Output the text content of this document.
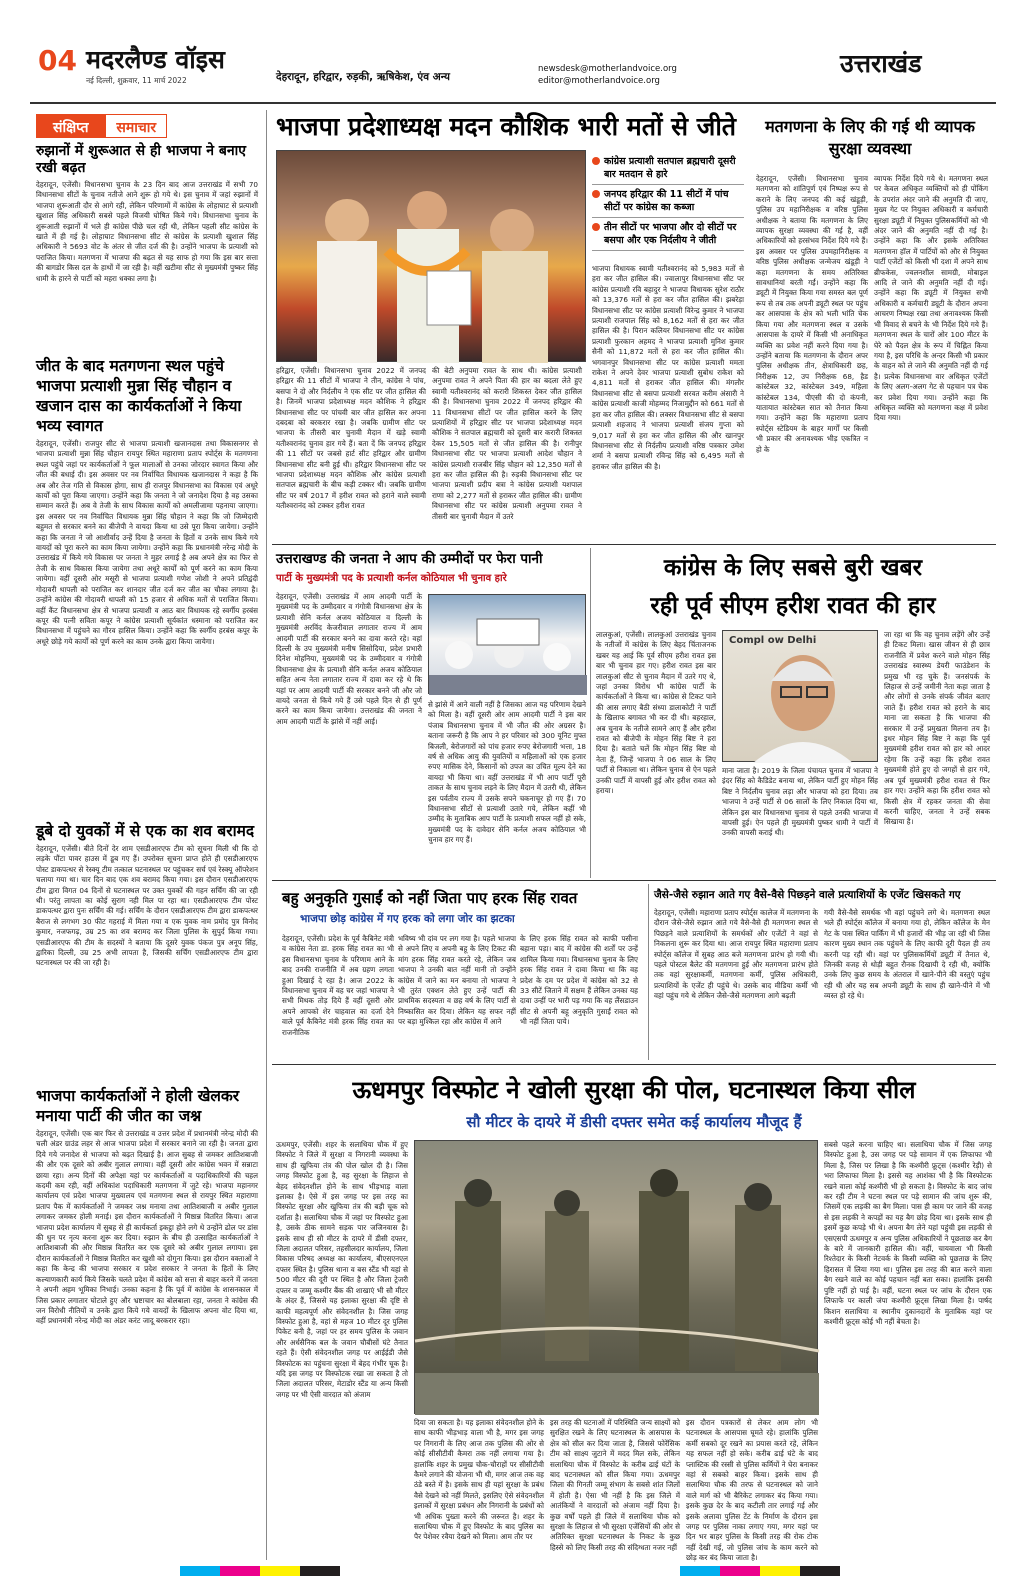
04 मदरलैण्ड वॉइस
नई दिल्ली, शुक्रवार, 11 मार्च 2022	देहरादून, हरिद्वार, रुड़की, ऋषिकेश, एंव अन्य
newsdesk@motherlandvoice.org
editor@motherlandvoice.org
उत्तराखंड
संक्षिप्त	समाचार
रुझानों में शुरूआत से ही भाजपा ने बनाए रखी बढ़त
देहरादून, एजेंसी। विधानसभा चुनाव के 23 दिन बाद आज उत्तराखंड में सभी 70 विधानसभा सीटों के चुनाव नतीजे आने शुरू हो गये थे। इस चुनाव में जहां रुझानों में भाजपा शुरूआती दौर से आगे रही, लेकिन परिणामों में कांग्रेस के लोहाघाट से प्रत्याशी खुशाल सिंह अधिकारी सबसे पहले विजयी घोषित किये गये। विधानसभा चुनाव के शुरूआती रुझानों में भले ही कांग्रेस पीछे चल रही थी, लेकिन पहली सीट कांग्रेस के खाते में ही गई है। लोहाघाट विधानसभा सीट से कांग्रेस के प्रत्याशी खुशाल सिंह अधिकारी ने 5693 वोट के अंतर से जीत दर्ज की है। उन्होंने भाजपा के प्रत्याशी को पराजित किया। मतगणना में भाजपा की बढ़त से यह साफ हो गया कि इस बार सत्ता की बागडोर किस दल के हाथों में जा रही है। वहीं खटीमा सीट से मुख्यमंत्री पुष्कर सिंह धामी के हारने से पार्टी को महरा धक्का लगा है।
जीत के बाद मतगणना स्थल पहुंचे भाजपा प्रत्याशी मुन्ना सिंह चौहान व खजान दास का कार्यकर्ताओं ने किया भव्य स्वागत
देहरादून, एजेंसी। राजपुर सीट से भाजपा प्रत्याशी खजानदास तथा विकासनगर से भाजपा प्रत्याशी मुन्ना सिंह चौहान रायपुर स्थित महाराणा प्रताप स्पोर्ट्स के मतगणना स्थल पहुंचे जहां पर कार्यकर्ताओं ने फूल मालाओं से उनका जोरदार स्वागत किया और जीत की बधाई दी। इस अवसर पर नव निर्वाचित विधायक खजानदास ने कहा है कि अब और तेज गति से विकास होगा, साथ ही राजपुर विधानसभा का विकास एवं अधूरे कार्यों को पूरा किया जाएगा। उन्होंने कहा कि जनता ने जो जनादेश दिया है वह उसका सम्मान करते हैं। अब वे तेजी के साथ विकास कार्यों को अमलीजामा पहनाया जाएगा। इस अवसर पर नव निर्वाचित विधायक मुन्ना सिंह चौहान ने कहा कि जो जिम्मेदारी बहुमत से सरकार बनने का बीजेपी ने वायदा किया था उसे पूरा किया जायेगा। उन्होंने कहा कि जनता ने जो आशीर्वाद उन्हें दिया है जनता के हितों व उनके साथ किये गये वायदों को पूरा करने का काम किया जायेगा। उन्होंने कहा कि प्रधानमंत्री नरेन्द्र मोदी के उत्तराखंड में किये गये विकास पर जनता ने मुहर लगाई है अब अपने क्षेत्र का फिर से तेजी के साथ विकास किया जायेगा तथा अधूरे कार्यों को पूर्ण करने का काम किया जायेगा। वहीं दूसरी ओर मसूरी से भाजपा प्रत्याशी गणेश जोशी ने अपने प्रतिद्वंदी गोदावरी थापली को पराजित कर शानदार जीत दर्ज कर जीत का चौका लगाया है। उन्होंने कांग्रेस की गोदावरी थापली को 15 हजार से अधिक मतों से पराजित किया। वहीं कैंट विधानसभा क्षेत्र से भाजपा प्रत्याशी व आठ बार विधायक रहे स्वर्गीय हरबंस कपूर की पत्नी सविता कपूर ने कांग्रेस प्रत्याशी सूर्यकांत धस्माना को पराजित कर विधानसभा में पहुंचने का गौरव हासिल किया। उन्होंने कहा कि स्वर्गीय हरबंस कपूर के अधूरे छोड़े गये कार्यों को पूर्ण करने का काम उनके द्वारा किया जायेगा।
डूबे दो युवकों में से एक का शव बरामद
देहरादून, एजेंसी। बीते दिनों देर शाम एसडीआरएफ टीम को सूचना मिली थी कि दो लड़के पौंटा पावर हाउस में डूब गए हैं। उपरोक्त सूचना प्राप्त होते ही एसडीआरएफ पोस्ट डाकपत्थर से रेस्क्यू टीम तत्काल घटनास्थल पर पहुंचकर सर्च एवं रेस्क्यू ऑपरेशन चलाया गया था। चार दिन बाद एक शव बरामद किया गया। इस दौरान एसडीआरएफ टीम द्वारा विगत 04 दिनों से घटनास्थल पर उक्त युवकों की गहन सर्चिंग की जा रही थी। परंतु लापता का कोई सुराग नही मिल पा रहा था। एसडीआरएफ टीम पोस्ट डाकपत्थर द्वारा पुनः सर्चिंग की गई। सर्चिंग के दौरान एसडीआरएफ टीम द्वारा डाकपत्थर बैराज से लगभग 30 फीट गहराई में मिला गया व एक युवक नाम प्रमोद पुत्र विनोद कुमार, नजफगढ़, उम्र 25 का शव बरामद कर जिला पुलिस के सुपुर्द किया गया। एसडीआरएफ की टीम के सदस्यों ने बताया कि दूसरे युवक पंकज पुत्र अनूप सिंह, द्वारिका दिल्ली, उम्र 25 अभी लापता है, जिसकी सर्चिंग एसडीआरएफ टीम द्वारा घटनास्थल पर की जा रही है।
भाजपा कार्यकर्ताओं ने होली खेलकर मनाया पार्टी की जीत का जश्न
देहरादून, एजेंसी। एक बार फिर से उत्तराखंड व उत्तर प्रदेश में प्रधानमंत्री नरेन्द्र मोदी की चली अंडर ग्राउंड लहर से आज भाजपा प्रदेश में सरकार बनाने जा रही है। जनता द्वारा दिये गये जनादेश से भाजपा को बढ़त दिखाई है। आज सुबह से जमकर आतिशबाजी की और एक दूसरे को अबीर गुलाल लगाया। वहीं दूसरी ओर कांग्रेस भवन में सन्नाटा छाया रहा। अन्य दिनों की अपेक्षा यहां पर कार्यकर्ताओं व पदाधिकारियों की चहल कदमी कम रही, वहीं अधिकांश पदाधिकारी मतगणना में जुटे रहे। भाजपा महानगर कार्यालय एवं प्रदेश भाजपा मुख्यालय एवं मतगणना स्थल से रायपुर स्थित महाराणा प्रताप पैक में कार्यकर्ताओं ने जमकर जश्न मनाया तथा आतिशबाजी व अबीर गुलाल लगाकर जमकर होली मनाई। इस दौरान कार्यकर्ताओं ने मिष्ठान्न वितरित किया। आज भाजपा प्रदेश कार्यालय में सुबह से ही कार्यकर्ता इकट्ठा होने लगे थे उन्होंने ढोल पर डांस की धुन पर नृत्य करना शुरू कर दिया। रुझान के बीच ही उत्साहित कार्यकर्ताओं ने आतिशबाजी की और मिष्ठान्न वितरित कर एक दूसरे को अबीर गुलाल लगाया। इस दौरान कार्यकर्ताओं ने मिष्ठान्न वितरित कर खुशी को दोगुना किया। इस दौरान वक्ताओं ने कहा कि केन्द्र की भाजपा सरकार व प्रदेश सरकार ने जनता के हितों के लिए कल्याणकारी कार्य किये जिसके चलते प्रदेश में कांग्रेस को सत्ता से बाहर करने में जनता ने अपनी अहम भूमिका निभाई। उनका कहना है कि पूर्व में कांग्रेस के शासनकाल में जिस प्रकार लगातार घोटाले हुए और भ्रष्टाचार का बोलबाला रहा, जनता ने कांग्रेस की जन विरोधी नीतियों व उनके द्वारा किये गये वायदों के खिलाफ अपना वोट दिया था, वहीं प्रधानमंत्री नरेन्द्र मोदी का अंडर करंट जादू बरकरार रहा।
भाजपा प्रदेशाध्यक्ष मदन कौशिक भारी मतों से जीते
कांग्रेस प्रत्याशी सतपाल ब्रह्मचारी दूसरी बार मतदान से हारे
जनपद हरिद्वार की 11 सीटों में पांच सीटों पर कांग्रेस का कब्जा
तीन सीटों पर भाजपा और दो सीटों पर बसपा और एक निर्दलीय ने जीती
हरिद्वार, एजेंसी। विधानसभा चुनाव 2022 में जनपद हरिद्वार की 11 सीटों में भाजपा ने तीन, कांग्रेस ने पांच, बसपा ने दो और निर्दलीय ने एक सीट पर जीत हासिल की है। जिनमें भाजपा प्रदेशाध्यक्ष मदन कौशिक ने हरिद्वार विधानसभा सीट पर पांचवी बार जीत हासिल कर अपना दबदबा को बरकरार रखा है। जबकि ग्रामीण सीट पर भाजपा के तीसरी बार चुनावी मैदान में खड़े स्वामी यतीश्वरानंद चुनाव हार गये हैं। बता दें कि जनपद हरिद्वार की 11 सीटों पर जबसे हार्ट सीट हरिद्वार और ग्रामीण विधानसभा सीट बनी हुई थी। हरिद्वार विधानसभा सीट पर भाजपा प्रदेशाध्यक्ष मदन कौशिक और कांग्रेस प्रत्याशी सतपाल ब्रह्मचारी के बीच कड़ी टक्कर थी। जबकि ग्रामीण सीट पर वर्ष 2017 में हरीश रावत को हराने वाले स्वामी यतीश्वरानंद को टक्कर हरीश रावत
की बेटी अनुपमा रावत के साथ थी। कांग्रेस प्रत्याशी अनुपमा रावत ने अपने पिता की हार का बदला लेते हुए स्वामी यतीश्वरानंद को करारी शिकस्त देकर जीत हासिल की है। विधानसभा चुनाव 2022 में जनपद हरिद्वार की 11 विधानसभा सीटों पर जीत हासिल करने के लिए प्रत्याशियों में हरिद्वार सीट पर भाजपा प्रदेशाध्यक्ष मदन कौशिक ने सतपाल ब्रह्मचारी को दूसरी बार करारी शिकस्त देकर 15,505 मतों से जीत हासिल की है। रानीपुर विधानसभा सीट पर भाजपा प्रत्याशी आदेश चौहान ने कांग्रेस प्रत्याशी राजबीर सिंह चौहान को 12,350 मतों से हरा कर जीत हासिल की है। रुड़की विधानसभा सीट पर भाजपा प्रत्याशी प्रदीप बत्रा ने कांग्रेस प्रत्याशी यशपाल राणा को 2,277 मतों से हराकर जीत हासिल की। ग्रामीण विधानसभा सीट पर कांग्रेस प्रत्याशी अनुपमा रावत ने तीसरी बार चुनावी मैदान में उतरे
भाजपा विधायक स्वामी यतीश्वरानंद को 5,983 मतों से हरा कर जीत हासिल की। ज्वालापुर विधानसभा सीट पर कांग्रेस प्रत्याशी रवि बहादुर ने भाजपा विधायक सुरेश राठौर को 13,376 मतों से हरा कर जीत हासिल की। झबरेड़ा विधानसभा सीट पर कांग्रेस प्रत्याशी विरेन्द्र कुमार ने भाजपा प्रत्याशी राजपाल सिंह को 8,162 मतों से हरा कर जीत हासिल की है। पिरान कलियर विधानसभा सीट पर कांग्रेस प्रत्याशी फुरकान अहमद ने भाजपा प्रत्याशी मुनिश कुमार सैनी को 11,872 मतों से हरा कर जीत हासिल की। भगवानपुर विधानसभा सीट पर कांग्रेस प्रत्याशी ममता राकेश ने अपने देवर भाजपा प्रत्याशी सुबोध राकेश को 4,811 मतों से हराकर जीत हासिल की। मंगलौर विधानसभा सीट से बसपा प्रत्याशी सरवत करीम अंसारी ने कांग्रेस प्रत्याशी काजी मोहम्मद निजामुद्दीन को 661 मतों से हरा कर जीत हासिल की। लक्सर विधानसभा सीट से बसपा प्रत्याशी शहजाद ने भाजपा प्रत्याशी संजय गुप्ता को 9,017 मतों से हरा कर जीत हासिल की और खानपुर विधानसभा सीट से निर्दलीय प्रत्याशी वरिष्ठ पत्रकार उमेश शर्मा ने बसपा प्रत्याशी रविन्द्र सिंह को 6,495 मतों से हराकर जीत हासिल की है।
मतगणना के लिए की गई थी व्यापक सुरक्षा व्यवस्था
देहरादून, एजेंसी। विधानसभा चुनाव मतगणना को शांतिपूर्ण एवं निष्पक्ष रूप से कराने के लिए जनपद की कई खंडूड़ी, पुलिस उप महानिरीक्षक व वरिष्ठ पुलिस अधीक्षक ने बताया कि मतगणना के लिए व्यापक सुरक्षा व्यवस्था की गई है, वहीं अधिकारियों को हरसंभव निर्देश दिये गये हैं। इस अवसर पर पुलिस उपमहानिरीक्षक व वरिष्ठ पुलिस अधीक्षक जन्मेजय खंडूड़ी ने कहा मतगणना के समय अतिरिक्त सावधानियां बरती गईं। उन्होंने कहा कि ड्यूटी में नियुक्त किया गया समस्त बल पूर्ण रूप से तब तक अपनी ड्यूटी स्थल पर पहुंच कर आसपास के क्षेत्र को भली भांति चेक किया गया और मतगणना स्थल व उसके आसपास के दायरे में किसी भी अनाधिकृत व्यक्ति का प्रवेश नहीं करने दिया गया है। उन्होंने बताया कि मतगणना के दौरान अपर पुलिस अधीक्षक तीन, क्षेत्राधिकारी छह, निरीक्षक 12, उप निरीक्षक 68, हैड कांस्टेबल 32, कांस्टेबल 349, महिला कांस्टेबल 134, पीएसी की दो कंपनी, यातायात कांस्टेबल सात को तैनात किया गया। उन्होंने कहा कि महाराणा प्रताप स्पोर्ट्स स्टेडियम के बाहर मार्गों पर किसी भी प्रकार की अनावश्यक भीड़ एकत्रित न हो के
व्यापक निर्देश दिये गये थे। मतगणना स्थल पर केवल अधिकृत व्यक्तियों को ही पोंकिंग के उपरांत अंदर जाने की अनुमति दी जाए, मुख्य गेट पर नियुक्त अधिकारी व कर्मचारी सुरक्षा ड्यूटी में नियुक्त पुलिसकर्मियों को भी अंदर जाने की अनुमति नहीं दी गई है। उन्होंने कहा कि और इसके अतिरिक्त मतगणना हॉल में पार्टियों को और से नियुक्त पार्टी एजेंटों को किसी भी दशा में अपने साथ ब्रीफकेस, ज्वलनशील सामग्री, मोबाइल आदि ले जाने की अनुमति नहीं दी गई। उन्होंने कहा कि ड्यूटी में नियुक्त सभी अधिकारी व कर्मचारी ड्यूटी के दौरान अपना आचरण निष्पक्ष रखा तथा अनावश्यक किसी भी विवाद से बचने के भी निर्देश दिये गये हैं। मतगणना स्थल के चारों ओर 100 मीटर के घेरे को पैदल क्षेत्र के रूप में चिह्नित किया गया है, इस परिधि के अन्दर किसी भी प्रकार के वाहन को ले जाने की अनुमति नहीं दी गई है। प्रत्येक विधानसभा वार अधिकृत एजेंटों के लिए अलग-अलग गेट से पहचान पत्र चेक कर प्रवेश दिया गया। उन्होंने कहा कि अधिकृत व्यक्ति को मतगणना कक्ष में प्रवेश दिया गया।
उत्तराखण्ड की जनता ने आप की उम्मीदों पर फेरा पानी
पार्टी के मुख्यमंत्री पद के प्रत्याशी कर्नल कोठियाल भी चुनाव हारे
देहरादून, एजेंसी। उत्तराखंड में आम आदमी पार्टी के मुख्यमंत्री पद के उम्मीदवार व गंगोत्री विधानसभा क्षेत्र के प्रत्याशी सेनि कर्नल अजय कोठियाल व दिल्ली के मुख्यमंत्री अरविंद केजरीवाल लगातार राज्य में आम आदमी पार्टी की सरकार बनने का दावा करते रहे। वहां दिल्ली के उप मुख्यमंत्री मनीष सिसोदिया, प्रदेश प्रभारी दिनेश मोहनिया, मुख्यमंत्री पद के उम्मीदवार व गंगोत्री विधानसभा क्षेत्र के प्रत्याशी सेनि कर्नल अजय कोठियाल सहित अन्य नेता लगातार राज्य में दावा कर रहे थे कि यहां पर आम आदमी पार्टी की सरकार बनने जी और जो वायदे जनता से किये गये हैं उसे पहले दिन से ही पूर्ण करने का काम किया जायेगा। उत्तराखंड की जनता ने आम आदमी पार्टी के झांसे में नहीं आई।
से झांसे में आने वाली नहीं है जिसका आज यह परिणाम देखने को मिला है। वहीं दूसरी ओर आम आदमी पार्टी ने इस बार पंजाब विधानसभा चुनाव में भी जीत की ओर अग्रसर है। बताना जरूरी है कि आप ने हर परिवार को 300 यूनिट मुफ्त बिजली, बेरोजगारों को पांच हजार रुपए बेरोजगारी भत्ता, 18 वर्ष से अधिक आयु की युवतियों व महिलाओं को एक हजार रुपए मासिक देने, किसानों को उपज का उचित मूल्य देने का वायदा भी किया था। वहीं उत्तराखंड में भी आप पार्टी पूरी ताकत के साथ चुनाव लड़ने के लिए मैदान में उतरी थी, लेकिन इस पर्वतीय राज्य में उसके सपने चकनाचूर हो गए हैं। 70 विधानसभा सीटों से प्रत्याशी उतारे गये, लेकिन कहीं भी उम्मीद के मुताबिक आप पार्टी के प्रत्याशी सफल नहीं हो सके, मुख्यमंत्री पद के दावेदार सेनि कर्नल अजय कोठियाल भी चुनाव हार गए हैं।
कांग्रेस के लिए सबसे बुरी खबर
रही पूर्व सीएम हरीश रावत की हार
लालकुआं, एजेंसी। लालकुआं उत्तराखंड चुनाव के नतीजों में कांग्रेस के लिए बेहद चिंताजनक खबर यह आई कि पूर्व सीएम हरीश रावत इस बार भी चुनाव हार गए। हरीश रावत इस बार लालकुआं सीट से चुनाव मैदान में उतरे गए थे, जहां उनका विरोध भी कांग्रेस पार्टी के कार्यकर्ताओं ने किया था। कांग्रेस से टिकट पाने की आस लगाए बैठी संध्या डालाकोटी ने पार्टी के खिलाफ बगावत भी कर दी थी। बहरहाल, अब चुनाव के नतीजे सामने आए हैं और हरीश रावत को बीजेपी के मोहन सिंह बिष्ट ने हरा दिया है। बताते चलें कि मोहन सिंह बिष्ट वो नेता हैं, जिन्हें भाजपा ने 06 साल के लिए पार्टी से निकाला था। लेकिन चुनाव से ऐन पहले उनकी पार्टी में वापसी हुई और हरीश रावत को हराया।
Compl ow Delhi
माना जाता है। 2019 के जिला पंचायत चुनाव में भाजपा ने इंदर सिंह को कैडिडेट बनाया था, लेकिन पार्टी हुए मोहन सिंह बिष्ट ने निर्दलीय चुनाव लड़ा और भाजपा को हरा दिया। तब भाजपा ने उन्हें पार्टी से 06 सालों के लिए निकाल दिया था, लेकिन इस बार विधानसभा चुनाव से पहले उनकी भाजपा में वापसी हुई। ऐन पहले ही मुख्यमंत्री पुष्कर धामी ने पार्टी में उनकी वापसी कराई थी।
जा रहा था कि वह चुनाव लड़ेंगे और उन्हें ही टिकट मिला। खास जीवन से ही छात्र राजनीति में प्रवेश करने वाले मोहन सिंह उत्तराखंड स्वास्थ्य डेयरी फाउंडेशन के प्रमुख भी रह चुके हैं। जनसंपर्क के लिहाज से उन्हें जमीनी नेता कहा जाता है और लोगों से उनके संपर्क जीवंत बताए जाते हैं। हरीश रावत को हराने के बाद माना जा सकता है कि भाजपा की सरकार में उन्हें प्रमुखता मिलना तय है। इधर मोहन सिंह बिष्ट ने कहा कि पूर्व मुख्यमंत्री हरीश रावत को हार को आदर रहेगा कि उन्हें कहा कि हरीश रावत मुख्यमंत्री होते हुए दो जगहों से हार गये, अब पूर्व मुख्यमंत्री हरीश रावत से फिर हार गए। उन्होंने कहा कि हरीश रावत को किसी क्षेत्र में रहकर जनता की सेवा करनी चाहिए, जनता ने उन्हें सबक सिखाया है।
बहु अनुकृति गुसाईं को नहीं जिता पाए हरक सिंह रावत
भाजपा छोड़ कांग्रेस में गए हरक को लगा जोर का झटका
देहरादून, एजेंसी। प्रदेश के पूर्व कैबिनेट मंत्री व कांग्रेस नेता डा. हरक सिंह रावत का भी इस विधानसभा चुनाव के परिणाम आने के बाद उनकी राजनीति में अब ग्रहण लगता हुआ दिखाई दे रहा है। आज 2022 के विधानसभा चुनाव में वह चर जहां भाजपा ने सभी मिथक तोड़ दिये हैं वहीं दूसरी ओर अपने आपको शेर चाहवाल का दर्जा देने वाले पूर्व कैबिनेट मंत्री हरक सिंह रावत का राजनीतिक
भविष्य भी दांव पर लग गया है। पहले भाजपा से अपने लिए व अपनी बहू के लिए टिकट की मांग हरक सिंह रावत करते रहे, लेकिन जब भाजपा ने उनकी बात नहीं मानी तो उन्होंने कांग्रेस में जाने का मन बनाया तो भाजपा ने भी तुरंत एक्शन लेते हुए उन्हें पार्टी की प्राथमिक सदस्यता व छह वर्ष के लिए पार्टी से निष्कासित कर दिया। लेकिन यह सफर नहीं पर बड़ा मुश्किल रहा और कांग्रेस में आने
के लिए हरक सिंह रावत को काफी पसीना बहाना पड़ा। बाद में कांग्रेस की शर्तों पर उन्हें शामिल किया गया। विधानसभा चुनाव के लिए हरक सिंह रावत ने दावा किया था कि वह प्रदेश के दम पर प्रदेश में कांग्रेस को 32 से 33 सीटें जिताने में सक्षम हैं लेकिन उनका यह दावा उन्हीं पर भारी पड़ गया कि वह लैंसडाउन सीट से अपनी बहू अनुकृति गुसाईं रावत को भी नहीं जिता पाये।
जैसे-जैसे रुझान आते गए वैसे-वैसे पिछड़ने वाले प्रत्याशियों के एजेंट खिसकते गए
देहरादून, एजेंसी। महाराणा प्रताप स्पोर्ट्स कालेज में मतगणना के दौरान जैसे-जैसे रुझान आते गये वैसे-वैसे ही मतगणना स्थल से पिछड़ने वाले प्रत्याशियों के समर्थकों और एजेंटों ने वहां से निकलना शुरू कर दिया था। आज रायपुर स्थित महाराणा प्रताप स्पोर्ट्स कॉलेज में सुबह आठ बजे मतगणना प्रारंभ हो गयी थी। पहले पोस्टल बैलेट की मतगणना हुई और मतगणना प्रारंभ होते तक वहां सुरक्षाकर्मी, मतगणना कर्मी, पुलिस अधिकारी, प्रत्याशियों के एजेंट ही पहुंचे थे। उसके बाद मीडिया कर्मी भी वहां पहुंच गये थे लेकिन जैसे-जैसे मतगणना आगे बढ़ती
गयी वैसे-वैसे समर्थक भी वहां पहुंचने लगे थे। मतगणना स्थल भले ही स्पोर्ट्स कॉलेज में बनाया गया हो, लेकिन कॉलेज के मेन गेट के पास स्थित पार्किंग में भी हजारों की भीड़ जा रही थी जिस कारण मुख्य स्थान तक पहुंचने के लिए काफी दूरी पैदल ही तय करनी पड़ रही थी। वहां पर पुलिसकर्मियों ड्यूटी में तैनात थे, जिनकी वजह से थोड़ी बहुत रौनक दिखायी दे रही थी, क्योंकि उनके लिए कुछ समय के अंतराल में खाने-पीने की वस्तुएं पहुंच रही थी और यह सब अपनी ड्यूटी के साथ ही खाने-पीने में भी व्यस्त हो रहे थे।
ऊधमपुर विस्फोट ने खोली सुरक्षा की पोल, घटनास्थल किया सील
सौ मीटर के दायरे में डीसी दफ्तर समेत कई कार्यालय मौजूद हैं
ऊधमपुर, एजेंसी। शहर के सलाथिया चौक में हुए विस्फोट ने जिले में सुरक्षा व निगरानी व्यवस्था के साथ ही खुफिया तंत्र की पोल खोल दी है। जिस जगह विस्फोट हुआ है, वह सुरक्षा के लिहाज से बेहद संवेदनशील होने के साथ भीड़भाड़ वाला इलाका है। ऐसे में इस जगह पर इस तरह का विस्फोट सुरक्षा और खुफिया तंत्र की बड़ी चूक को दर्शाता है। सलाथिया चौक में जहां पर विस्फोट हुआ है, उसके ठीक सामने सड़क पार जजिनवास है। इसके साथ ही सौ मीटर के दायरे में डीसी दफ्तर, जिला अदालत परिसर, तहसीलदार कार्यालय, जिला विकास परिषद अध्यक्ष का कार्यालय, बीएसएनएल दफ्तर स्थित है। पुलिस थाना व बस स्टैंड भी यहां से 500 मीटर की दूरी पर स्थित है और जिला ट्रेजरी दफ्तर व जम्मू कश्मीर बैंक की शाखाएं भी सौ मीटर के अंदर हैं, जिससे यह इलाका सुरक्षा की दृष्टि से काफी महत्वपूर्ण और संवेदनशील है। जिस जगह विस्फोट हुआ है, वहां से महज 10 मीटर दूर पुलिस पिकेट बनी है, जहां पर हर समय पुलिस के जवान और अर्धसैनिक बल के जवान चौबीसों घंटे तैनात रहते हैं। ऐसी संवेदनशील जगह पर आईईडी जैसे विस्फोटक का पहुंचना सुरक्षा में बेहद गंभीर चूक है। यदि इस जगह पर विस्फोटक रखा जा सकता है तो जिला अदालत परिसर, मेटाडोर स्टैंड या अन्य किसी जगह पर भी ऐसी वारदात को अंजाम
दिया जा सकता है। यह इलाका संवेदनशील होने के साथ काफी भीड़भाड़ वाला भी है, मगर इस जगह पर निगरानी के लिए आज तक पुलिस की ओर से कोई सीसीटीवी कैमरा तक नहीं लगाया गया है। हालांकि शहर के प्रमुख चौक-चौराहों पर सीसीटीवी कैमरे लगाने की योजना भी थी, मगर आज तक वह ठंडे बस्ते में है। इसके साथ ही यहां सुरक्षा के प्रबंध वैसे देखने को नहीं मिलते, इसलिए ऐसे संवेदनशील इलाकों में सुरक्षा प्रबंधन और निगरानी के प्रबंधों को भी अधिक पुख्ता करने की जरूरत है। शहर के सलाथिया चौक में हुए विस्फोट के बाद पुलिस का पैर पेशेवर रवैया देखने को मिला। आम तौर पर
इस तरह की घटनाओं में परिस्थिति जन्य साक्ष्यों को सुरक्षित रखने के लिए घटनास्थल के आसपास के क्षेत्र को सील कर दिया जाता है, जिससे फोरेंसिक टीम को साक्ष्य जुटाने में मदद मिल सके, लेकिन सलाथिया चौक में विस्फोट के करीब ढाई घंटों के बाद घटनास्थल को सील किया गया। ऊधमपुर जिला की गिनती जम्मू संभाग के सबसे शांत जिलों में होती है। ऐसा भी नहीं है कि इस जिले में आतंकियों ने वारदातों को अंजाम नहीं दिया है। कुछ वर्षों पहले ही जिले में सलाथिया चौक को सुरक्षा के लिहाज से भी सुरक्षा एजेंसियों की ओर से अतिरिक्त सुरक्षा घटनास्थल के निकट के कुछ हिस्से को लिए किसी तरह की संदिग्धता नजर नहीं
इस दौरान पत्रकारों से लेकर आम लोग भी घटनास्थल के आसपास घूमते रहे। हालांकि पुलिस कर्मी सबको दूर रखने का प्रयास करते रहे, लेकिन यह सफल नहीं हो सके। करीब ढाई घंटे के बाद प्लास्टिक की रस्सी से पुलिस कर्मियों ने घेरा बनाकर वहां से सबको बाहर किया। इसके साथ ही सलाथिया चौक की तरफ से घटनास्थल को जाने वाले मार्ग को भी बैरिकेट लगाकर बंद किया गया। इसके कुछ देर के बाद कटीली तार लगाई गई और इसके अलावा पुलिस टेंट के निर्माण के दौरान इस जगह पर पुलिस नाका लगाए गया, मगर यहां पर दिन भर बाहर पुलिस के किसी तरह की रोक टोक नहीं देखी गई, जो पुलिस जांच के काम करने को छोड़ कर बंद किया जाता है।
सबसे पहले करना चाहिए था। सलाथिया चौक में जिस जगह विस्फोट हुआ है, उस जगह पर पड़े सामान में एक लिफाफा भी मिला है, जिस पर लिखा है कि कश्मीरी फ्रूट्स (कश्मीर रेड़ी) से भरा लिफाफा मिला है। इससे यह आशंका भी है कि विस्फोटक रखने वाला कोई कश्मीरी भी हो सकता है। विस्फोट के बाद जांच कर रही टीम ने घटना स्थल पर पड़े सामान की जांच शुरू की, जिसमें एक लड़की का बैग मिला। पास ही काम पर जाने की वजह से इस लड़की ने कपड़ों का यह बैग छोड़ दिया था। इसके साथ ही इसमें कुछ कपड़े भी थे। अपना बैग लेने यहां पहुंची इस लड़की से एसएसपी ऊधमपुर व अन्य पुलिस अधिकारियों ने पूछताछ कर बैग के बारे में जानकारी हासिल की। वहीं, चायवाला भी किसी रिश्तेदार के किसी नेटवर्क के किसी व्यक्ति को पूछताछ के लिए हिरासत में लिया गया था। पुलिस इस तरह की बात करने वाला बैग रखने वाले का कोई पहचान नहीं बता सका। हालांकि इसकी पुष्टि नहीं हो पाई है। वहीं, घटना स्थल पर जांच के दौरान एक लिफाफे पर काली जंपा कश्मीरी फ्रूट्स लिखा मिला है। पार्षद किशन सलाथिया व स्थानीय दुकानदारों के मुताबिक यहां पर कश्मीरी फ्रूट्स कोई भी नहीं बेचता है।
